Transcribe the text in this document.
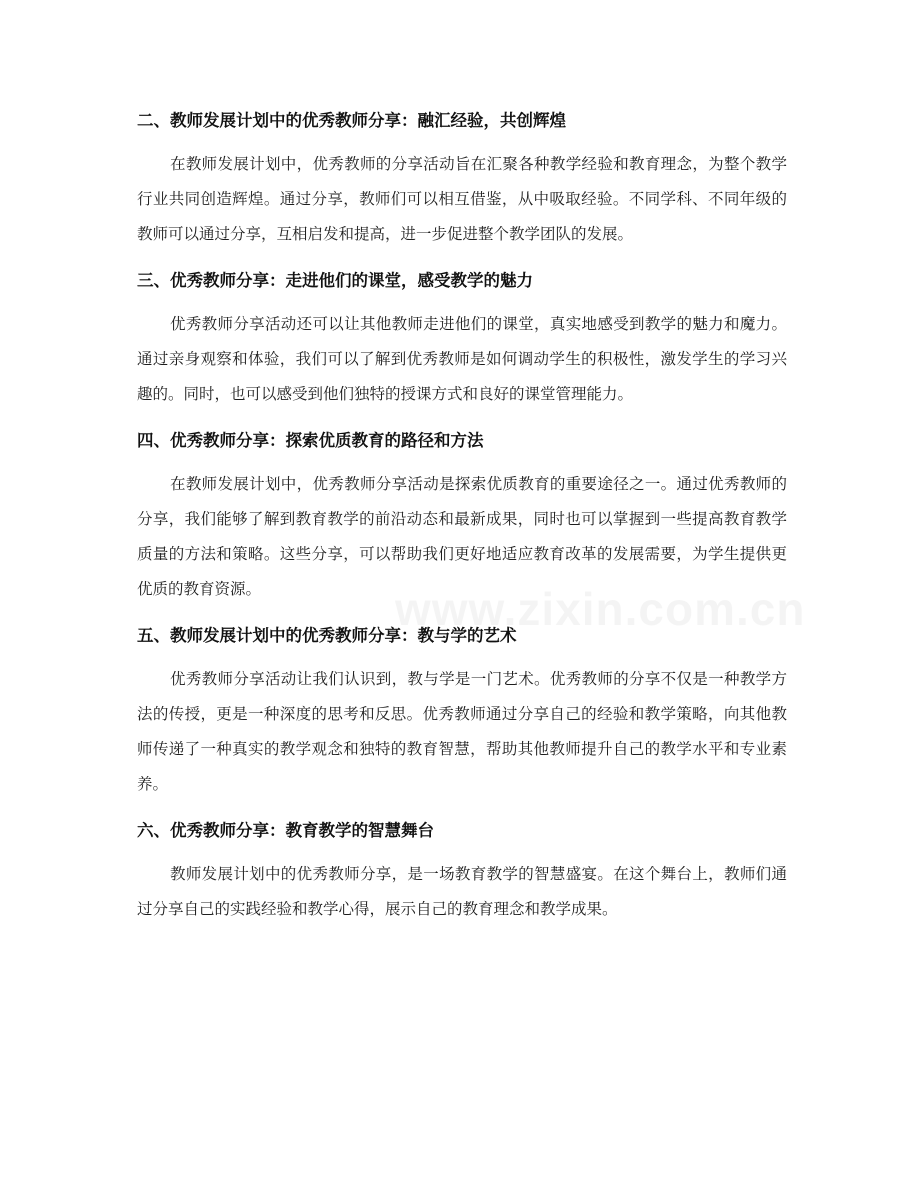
二、教师发展计划中的优秀教师分享：融汇经验，共创辉煌

在教师发展计划中，优秀教师的分享活动旨在汇聚各种教学经验和教育理念，为整个教学行业共同创造辉煌。通过分享，教师们可以相互借鉴，从中吸取经验。不同学科、不同年级的教师可以通过分享，互相启发和提高，进一步促进整个教学团队的发展。

三、优秀教师分享：走进他们的课堂，感受教学的魅力

优秀教师分享活动还可以让其他教师走进他们的课堂，真实地感受到教学的魅力和魔力。通过亲身观察和体验，我们可以了解到优秀教师是如何调动学生的积极性，激发学生的学习兴趣的。同时，也可以感受到他们独特的授课方式和良好的课堂管理能力。

四、优秀教师分享：探索优质教育的路径和方法

在教师发展计划中，优秀教师分享活动是探索优质教育的重要途径之一。通过优秀教师的分享，我们能够了解到教育教学的前沿动态和最新成果，同时也可以掌握到一些提高教育教学质量的方法和策略。这些分享，可以帮助我们更好地适应教育改革的发展需要，为学生提供更优质的教育资源。

五、教师发展计划中的优秀教师分享：教与学的艺术

优秀教师分享活动让我们认识到，教与学是一门艺术。优秀教师的分享不仅是一种教学方法的传授，更是一种深度的思考和反思。优秀教师通过分享自己的经验和教学策略，向其他教师传递了一种真实的教学观念和独特的教育智慧，帮助其他教师提升自己的教学水平和专业素养。

六、优秀教师分享：教育教学的智慧舞台

教师发展计划中的优秀教师分享，是一场教育教学的智慧盛宴。在这个舞台上，教师们通过分享自己的实践经验和教学心得，展示自己的教育理念和教学成果。
